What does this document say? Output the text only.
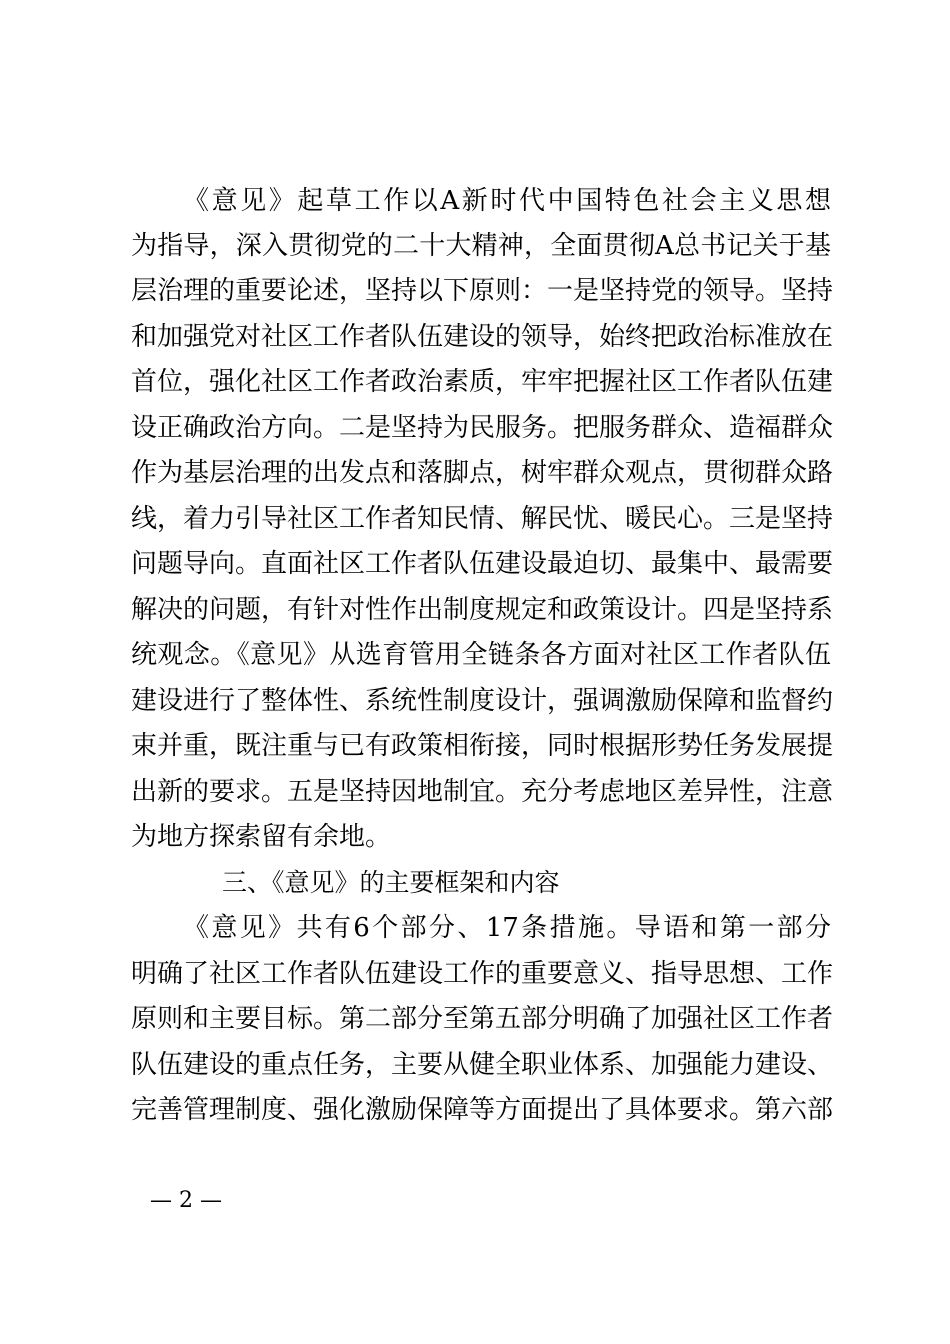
《意见》起草工作以A新时代中国特色社会主义思想
为指导，深入贯彻党的二十大精神，全面贯彻A总书记关于基
层治理的重要论述，坚持以下原则：一是坚持党的领导。坚持
和加强党对社区工作者队伍建设的领导，始终把政治标准放在
首位，强化社区工作者政治素质，牢牢把握社区工作者队伍建
设正确政治方向。二是坚持为民服务。把服务群众、造福群众
作为基层治理的出发点和落脚点，树牢群众观点，贯彻群众路
线，着力引导社区工作者知民情、解民忧、暖民心。三是坚持
问题导向。直面社区工作者队伍建设最迫切、最集中、最需要
解决的问题，有针对性作出制度规定和政策设计。四是坚持系
统观念。《意见》从选育管用全链条各方面对社区工作者队伍
建设进行了整体性、系统性制度设计，强调激励保障和监督约
束并重，既注重与已有政策相衔接，同时根据形势任务发展提
出新的要求。五是坚持因地制宜。充分考虑地区差异性，注意
为地方探索留有余地。
三、《意见》的主要框架和内容
《意见》共有6个部分、17条措施。导语和第一部分
明确了社区工作者队伍建设工作的重要意义、指导思想、工作
原则和主要目标。第二部分至第五部分明确了加强社区工作者
队伍建设的重点任务，主要从健全职业体系、加强能力建设、
完善管理制度、强化激励保障等方面提出了具体要求。第六部
— 2 —
